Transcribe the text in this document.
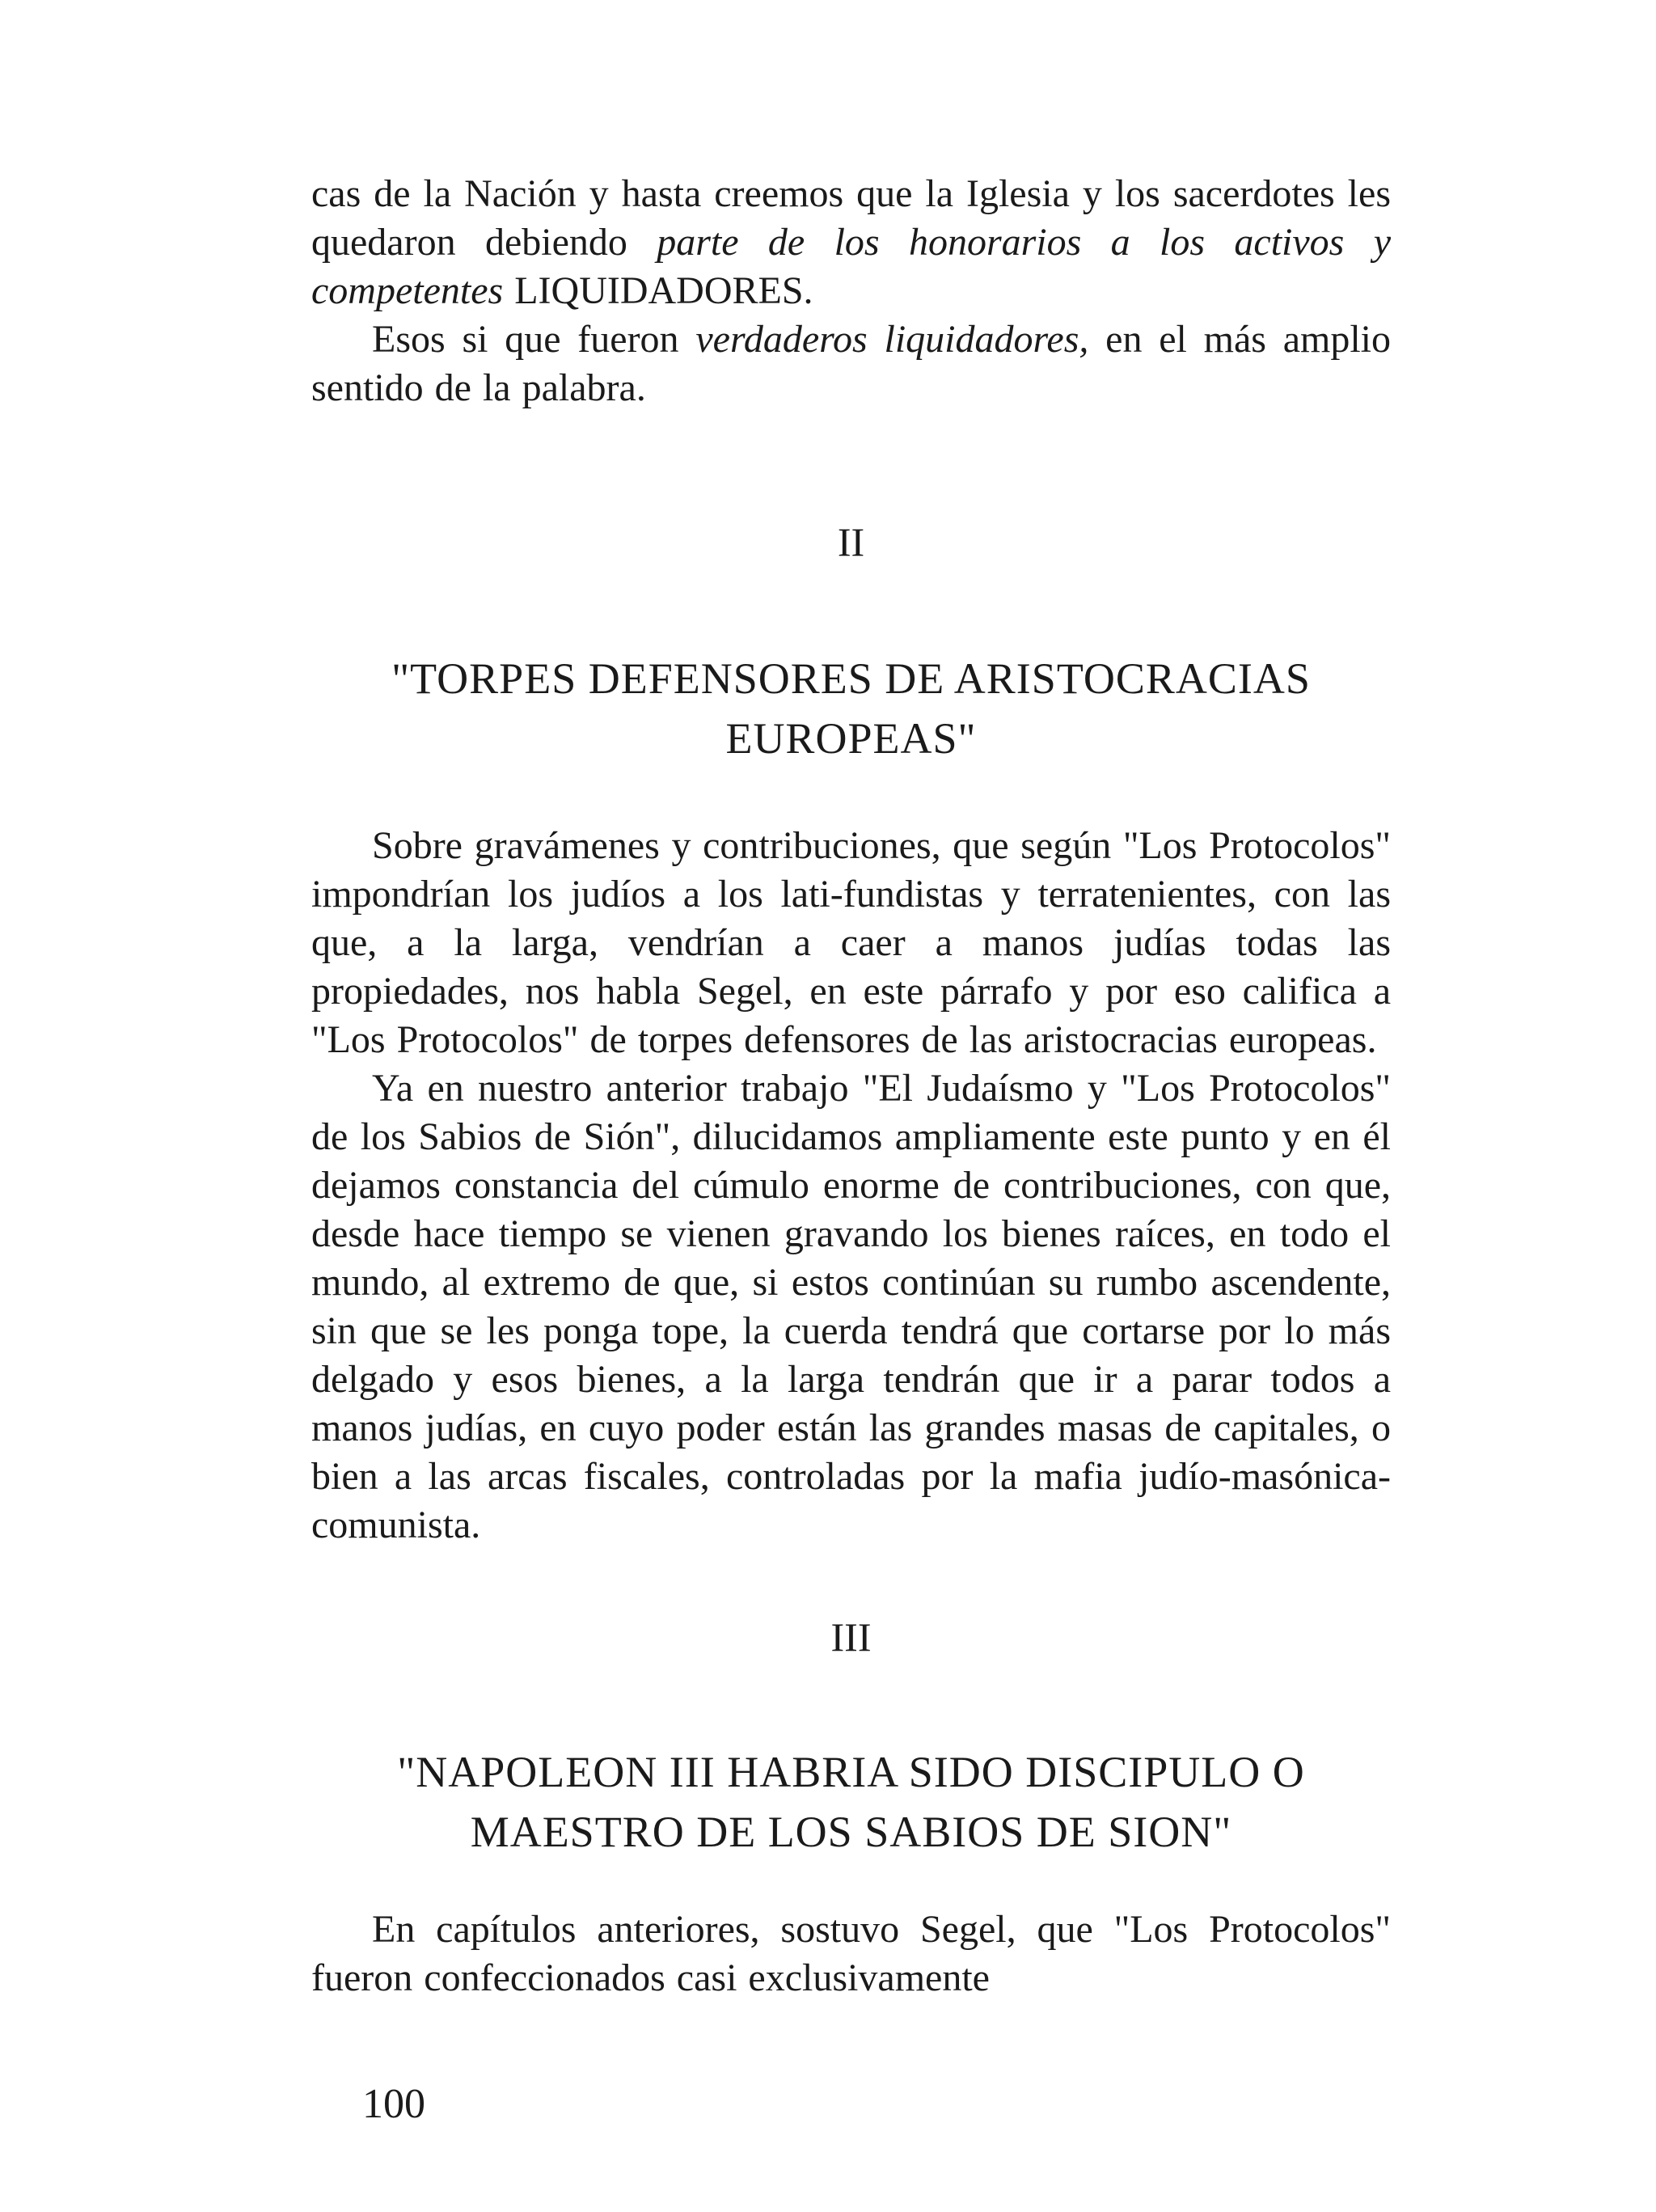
cas de la Nación y hasta creemos que la Iglesia y los sacerdotes les quedaron debiendo parte de los honorarios a los activos y competentes LIQUIDADORES.

Esos si que fueron verdaderos liquidadores, en el más amplio sentido de la palabra.

II

"TORPES DEFENSORES DE ARISTOCRACIAS

EUROPEAS"

Sobre gravámenes y contribuciones, que según "Los Protocolos" impondrían los judíos a los lati-fundistas y terratenientes, con las que, a la larga, vendrían a caer a manos judías todas las propiedades, nos habla Segel, en este párrafo y por eso califica a "Los Protocolos" de torpes defensores de las aristocracias europeas.

Ya en nuestro anterior trabajo "El Judaísmo y "Los Protocolos" de los Sabios de Sión", dilucidamos ampliamente este punto y en él dejamos constancia del cúmulo enorme de contribuciones, con que, desde hace tiempo se vienen gravando los bienes raíces, en todo el mundo, al extremo de que, si estos continúan su rumbo ascendente, sin que se les ponga tope, la cuerda tendrá que cortarse por lo más delgado y esos bienes, a la larga tendrán que ir a parar todos a manos judías, en cuyo poder están las grandes masas de capitales, o bien a las arcas fiscales, controladas por la mafia judío-masónica-comunista.

III

"NAPOLEON III HABRIA SIDO DISCIPULO O

MAESTRO DE LOS SABIOS DE SION"

En capítulos anteriores, sostuvo Segel, que "Los Protocolos" fueron confeccionados casi exclusivamente

100
